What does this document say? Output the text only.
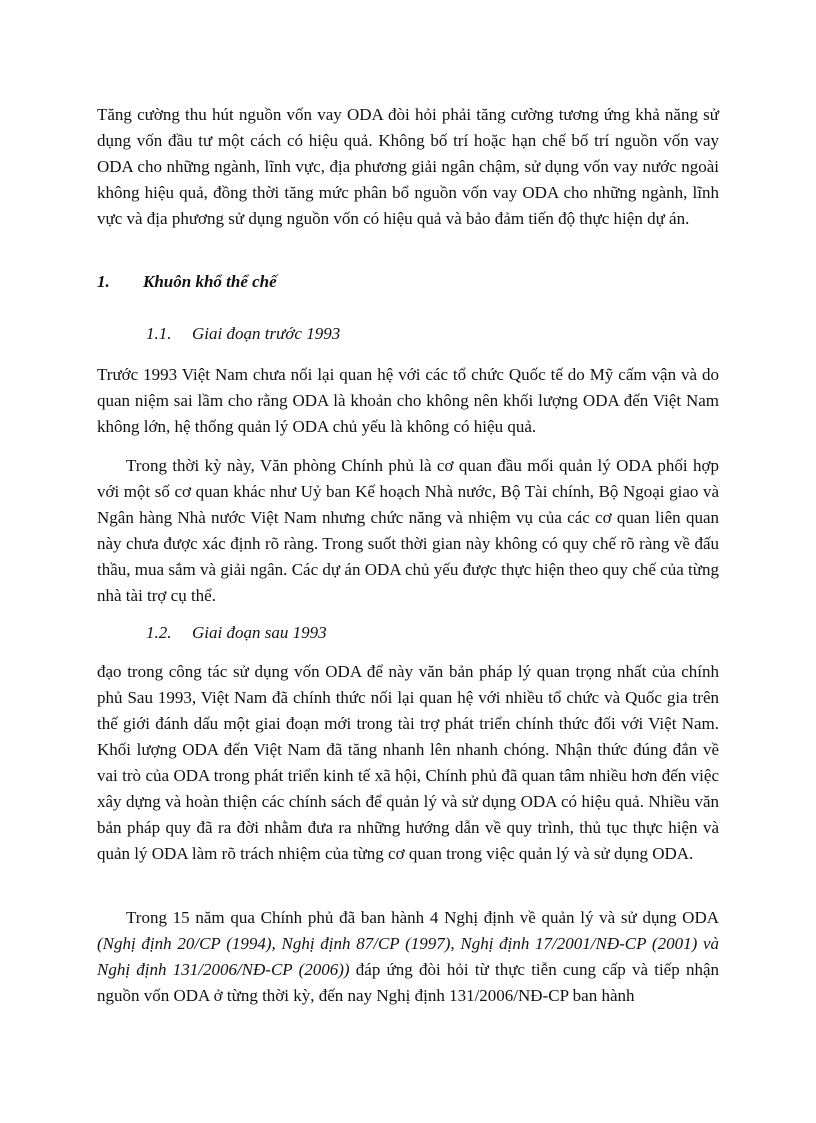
Tăng cường thu hút nguồn vốn vay ODA đòi hỏi phải tăng cường tương ứng khả năng sử dụng vốn đầu tư một cách có hiệu quả. Không bố trí hoặc hạn chế bố trí nguồn vốn vay ODA cho những ngành, lĩnh vực, địa phương giải ngân chậm, sử dụng vốn vay nước ngoài không hiệu quả, đồng thời tăng mức phân bổ nguồn vốn vay ODA cho những ngành, lĩnh vực và địa phương sử dụng nguồn vốn có hiệu quả và bảo đảm tiến độ thực hiện dự án.

1. Khuôn khổ thể chế
1.1. Giai đoạn trước 1993

Trước 1993 Việt Nam chưa nối lại quan hệ với các tổ chức Quốc tế do Mỹ cấm vận và do quan niệm sai lầm cho rằng ODA là khoản cho không nên khối lượng ODA đến Việt Nam không lớn, hệ thống quản lý ODA chủ yếu là không có hiệu quả.

Trong thời kỳ này, Văn phòng Chính phủ là cơ quan đầu mối quản lý ODA phối hợp với một số cơ quan khác như Uỷ ban Kế hoạch Nhà nước, Bộ Tài chính, Bộ Ngoại giao và Ngân hàng Nhà nước Việt Nam nhưng chức năng và nhiệm vụ của các cơ quan liên quan này chưa được xác định rõ ràng. Trong suốt thời gian này không có quy chế rõ ràng về đấu thầu, mua sắm và giải ngân. Các dự án ODA chủ yếu được thực hiện theo quy chế của từng nhà tài trợ cụ thể.

1.2. Giai đoạn sau 1993

đạo trong công tác sử dụng vốn ODA để này văn bản pháp lý quan trọng nhất của chính phủ Sau 1993, Việt Nam đã chính thức nối lại quan hệ với nhiều tổ chức và Quốc gia trên thế giới đánh dấu một giai đoạn mới trong tài trợ phát triển chính thức đối với Việt Nam. Khối lượng ODA đến Việt Nam đã tăng nhanh lên nhanh chóng. Nhận thức đúng đắn về vai trò của ODA trong phát triển kinh tế xã hội, Chính phủ đã quan tâm nhiều hơn đến việc xây dựng và hoàn thiện các chính sách để quản lý và sử dụng ODA có hiệu quả. Nhiều văn bản pháp quy đã ra đời nhằm đưa ra những hướng dẫn về quy trình, thủ tục thực hiện và quản lý ODA làm rõ trách nhiệm của từng cơ quan trong việc quản lý và sử dụng ODA.

Trong 15 năm qua Chính phủ đã ban hành 4 Nghị định về quản lý và sử dụng ODA (Nghị định 20/CP (1994), Nghị định 87/CP (1997), Nghị định 17/2001/NĐ-CP (2001) và Nghị định 131/2006/NĐ-CP (2006)) đáp ứng đòi hỏi từ thực tiễn cung cấp và tiếp nhận nguồn vốn ODA ở từng thời kỳ, đến nay Nghị định 131/2006/NĐ-CP ban hành
